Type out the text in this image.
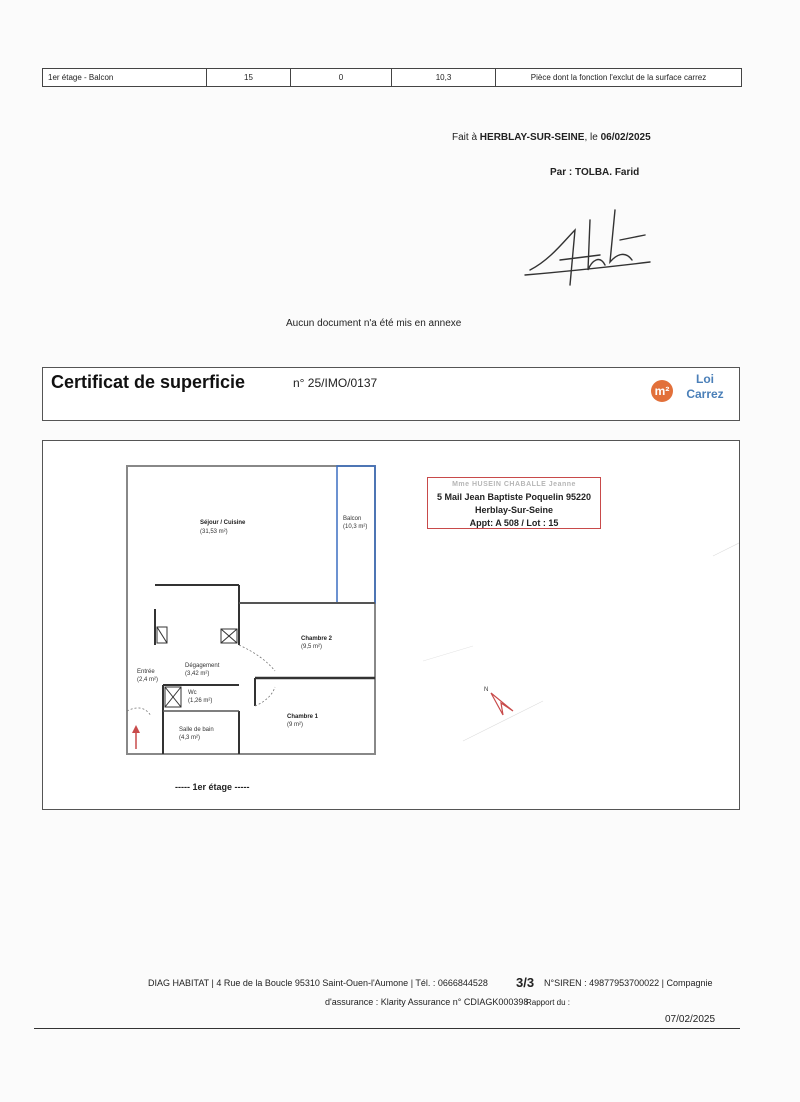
1er étage - Balcon	15	0	10,3	Pièce dont la fonction l'exclut de la surface carrez
Fait à HERBLAY-SUR-SEINE, le 06/02/2025
Par : TOLBA. Farid
Aucun document n'a été mis en annexe
Certificat de superficie	n° 25/IMO/0137
m²
Loi
Carrez
Mme HUSEIN CHABALLE Jeanne
5 Mail Jean Baptiste Poquelin 95220
Herblay-Sur-Seine
Appt: A 508 / Lot : 15
Séjour / Cuisine
(31,53 m²)
Balcon
(10,3 m²)
Chambre 2
(9,5 m²)
Dégagement
(3,42 m²)
Entrée
(2,4 m²)
Wc
(1,26 m²)
Salle de bain
(4,3 m²)
Chambre 1
(9 m²)
N
----- 1er étage -----
DIAG HABITAT | 4 Rue de la Boucle 95310 Saint-Ouen-l'Aumone | Tél. : 0666844528 3/3 N°SIREN : 49877953700022 | Compagnie
d'assurance : Klarity Assurance n° CDIAGK000398
Rapport du :
07/02/2025
